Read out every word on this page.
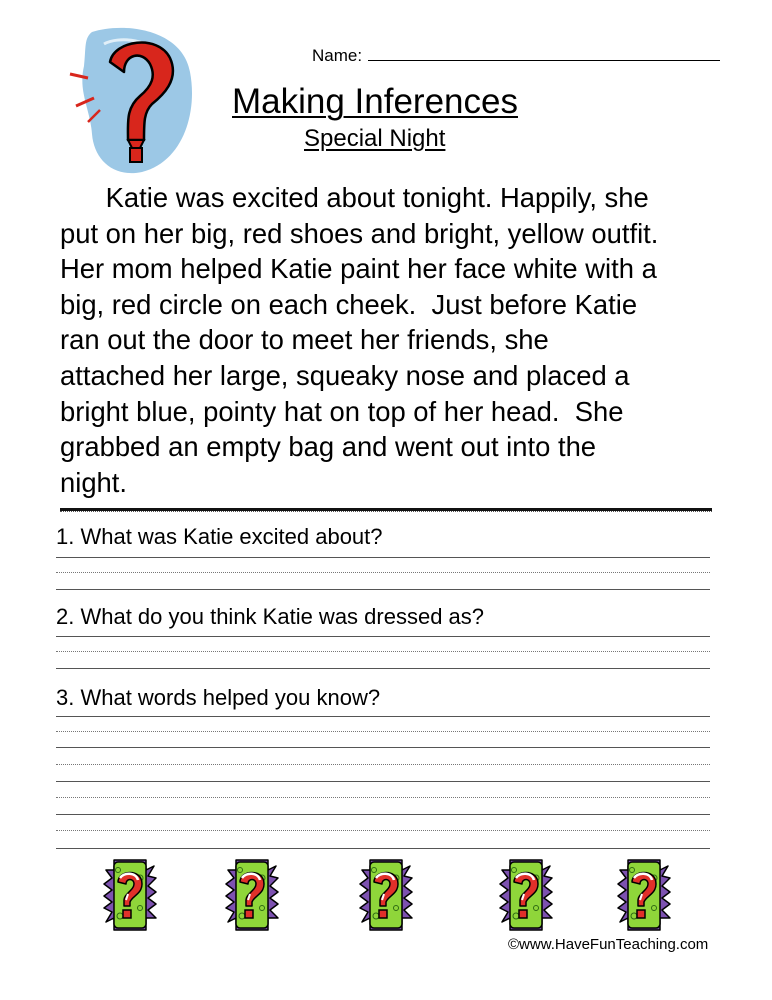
Name:
Making Inferences
Special Night
Katie was excited about tonight. Happily, she
put on her big, red shoes and bright, yellow outfit.
Her mom helped Katie paint her face white with a
big, red circle on each cheek.  Just before Katie
ran out the door to meet her friends, she
attached her large, squeaky nose and placed a
bright blue, pointy hat on top of her head.  She
grabbed an empty bag and went out into the
night.
1. What was Katie excited about?
2. What do you think Katie was dressed as?
3. What words helped you know?
©www.HaveFunTeaching.com
